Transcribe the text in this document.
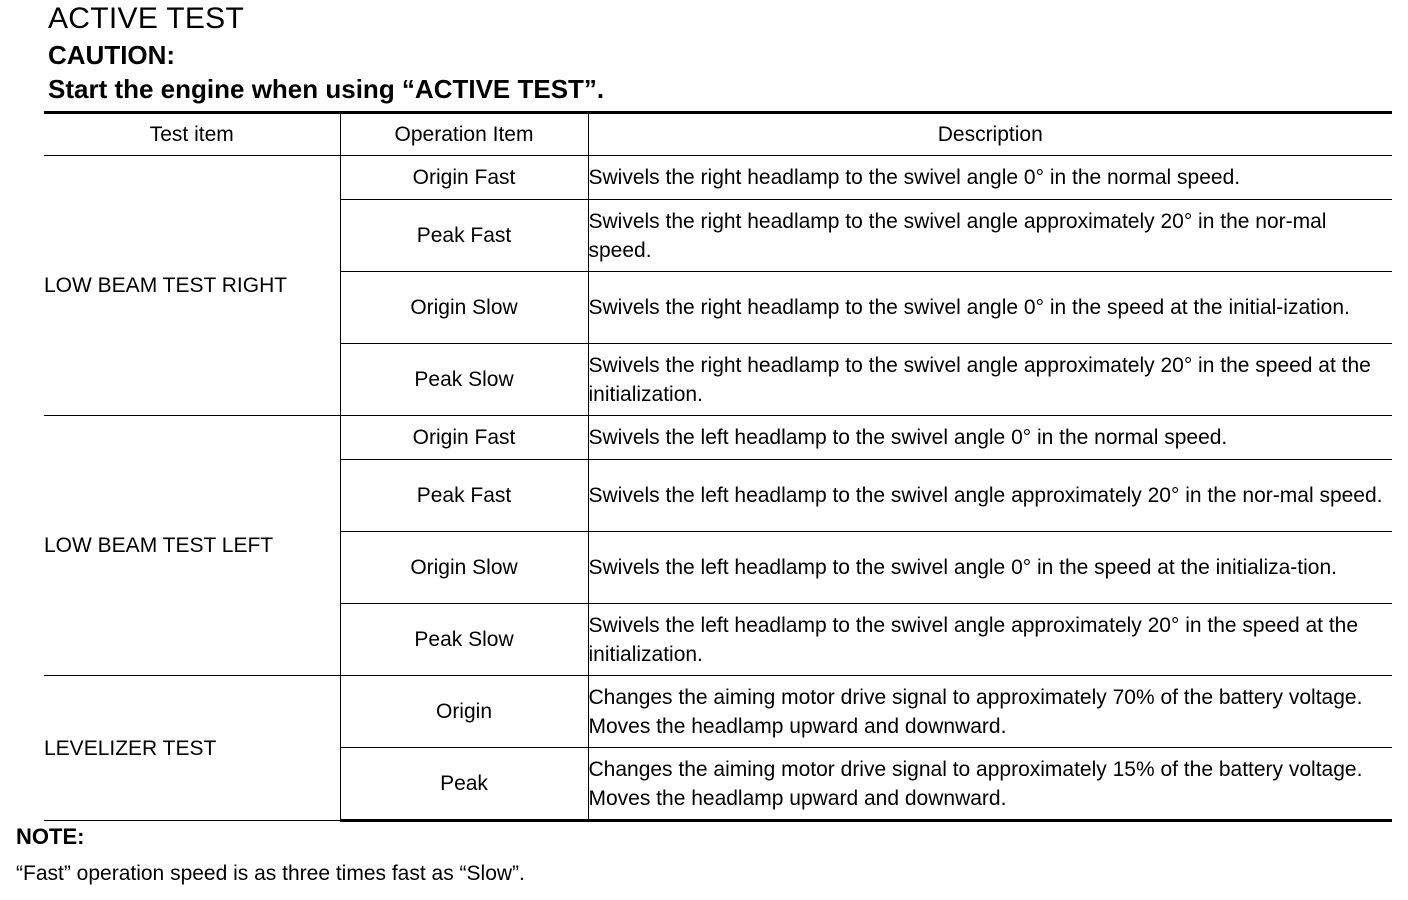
ACTIVE TEST
CAUTION:
Start the engine when using “ACTIVE TEST”.
Test item	Operation Item	Description
LOW BEAM TEST RIGHT	Origin Fast	Swivels the right headlamp to the swivel angle 0° in the normal speed.
	Peak Fast	Swivels the right headlamp to the swivel angle approximately 20° in the nor-mal speed.
	Origin Slow	Swivels the right headlamp to the swivel angle 0° in the speed at the initial-ization.
	Peak Slow	Swivels the right headlamp to the swivel angle approximately 20° in the speed at the initialization.
LOW BEAM TEST LEFT	Origin Fast	Swivels the left headlamp to the swivel angle 0° in the normal speed.
	Peak Fast	Swivels the left headlamp to the swivel angle approximately 20° in the nor-mal speed.
	Origin Slow	Swivels the left headlamp to the swivel angle 0° in the speed at the initializa-tion.
	Peak Slow	Swivels the left headlamp to the swivel angle approximately 20° in the speed at the initialization.
LEVELIZER TEST	Origin	Changes the aiming motor drive signal to approximately 70% of the battery voltage. Moves the headlamp upward and downward.
	Peak	Changes the aiming motor drive signal to approximately 15% of the battery voltage. Moves the headlamp upward and downward.
NOTE:
“Fast” operation speed is as three times fast as “Slow”.
